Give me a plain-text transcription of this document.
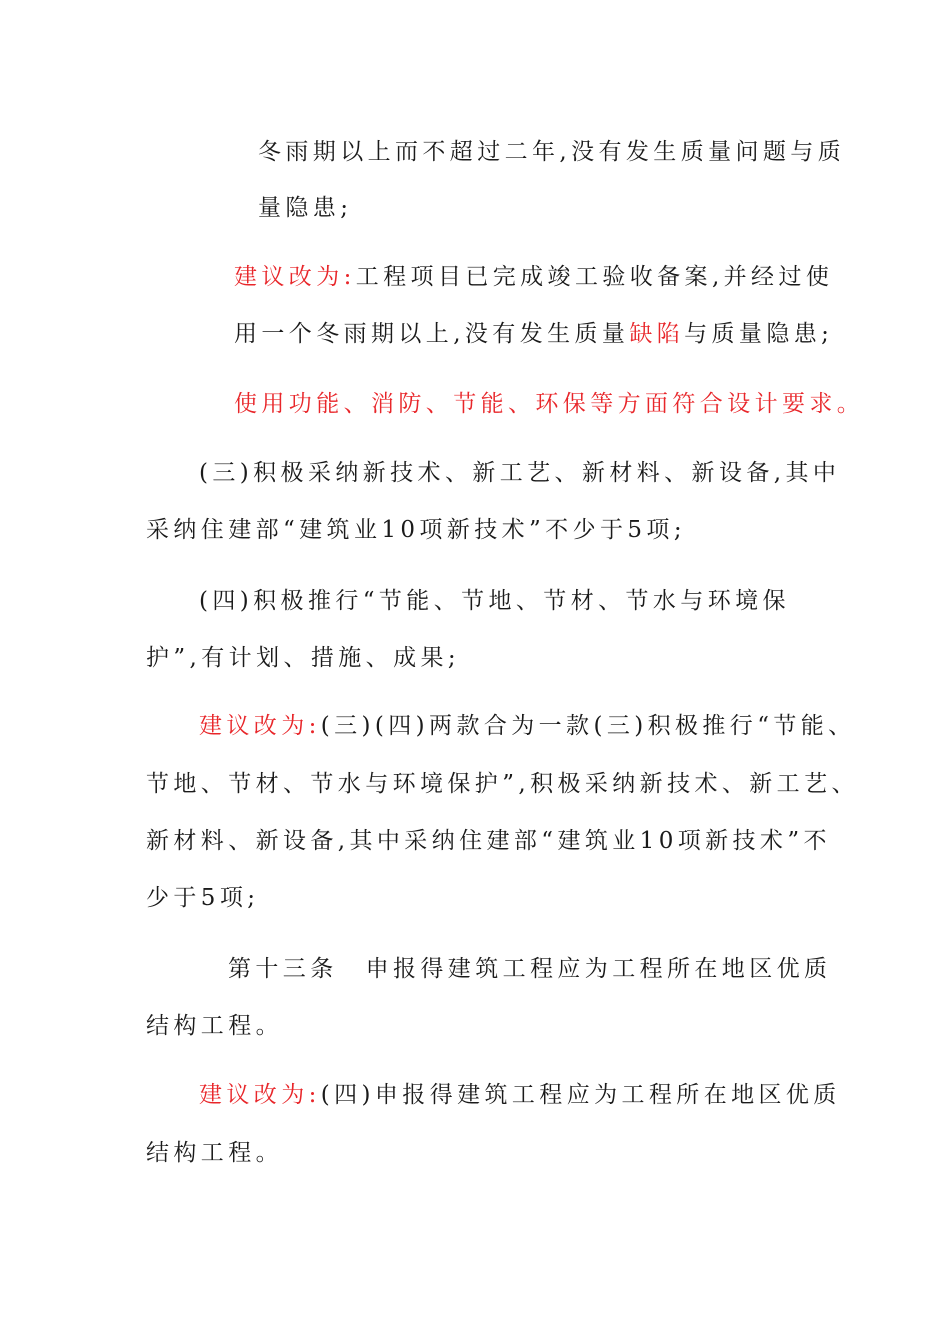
冬雨期以上而不超过二年,没有发生质量问题与质
量隐患;
建议改为:工程项目已完成竣工验收备案,并经过使
用一个冬雨期以上,没有发生质量缺陷与质量隐患;
使用功能、消防、节能、环保等方面符合设计要求。
(三)积极采纳新技术、新工艺、新材料、新设备,其中
采纳住建部“建筑业10项新技术”不少于5项;
(四)积极推行“节能、节地、节材、节水与环境保
护”,有计划、措施、成果;
建议改为:(三)(四)两款合为一款(三)积极推行“节能、
节地、节材、节水与环境保护”,积极采纳新技术、新工艺、
新材料、新设备,其中采纳住建部“建筑业10项新技术”不
少于5项;
第十三条 申报得建筑工程应为工程所在地区优质
结构工程。
建议改为:(四)申报得建筑工程应为工程所在地区优质
结构工程。
